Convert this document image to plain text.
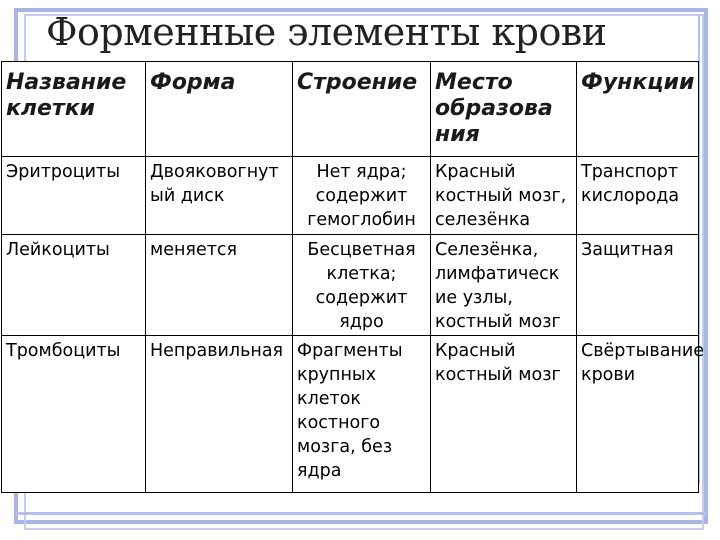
Форменные элементы крови
Название клетки	Форма	Строение	Место образова ния	Функции
Эритроциты	Двояковогнут ый диск	Нет ядра; содержит гемоглобин	Красный костный мозг, селезёнка	Транспорт кислорода
Лейкоциты	меняется	Бесцветная клетка; содержит ядро	Селезёнка, лимфатическ ие узлы, костный мозг	Защитная
Тромбоциты	Неправильная	Фрагменты крупных клеток костного мозга, без ядра	Красный костный мозг	Свёртывание крови
